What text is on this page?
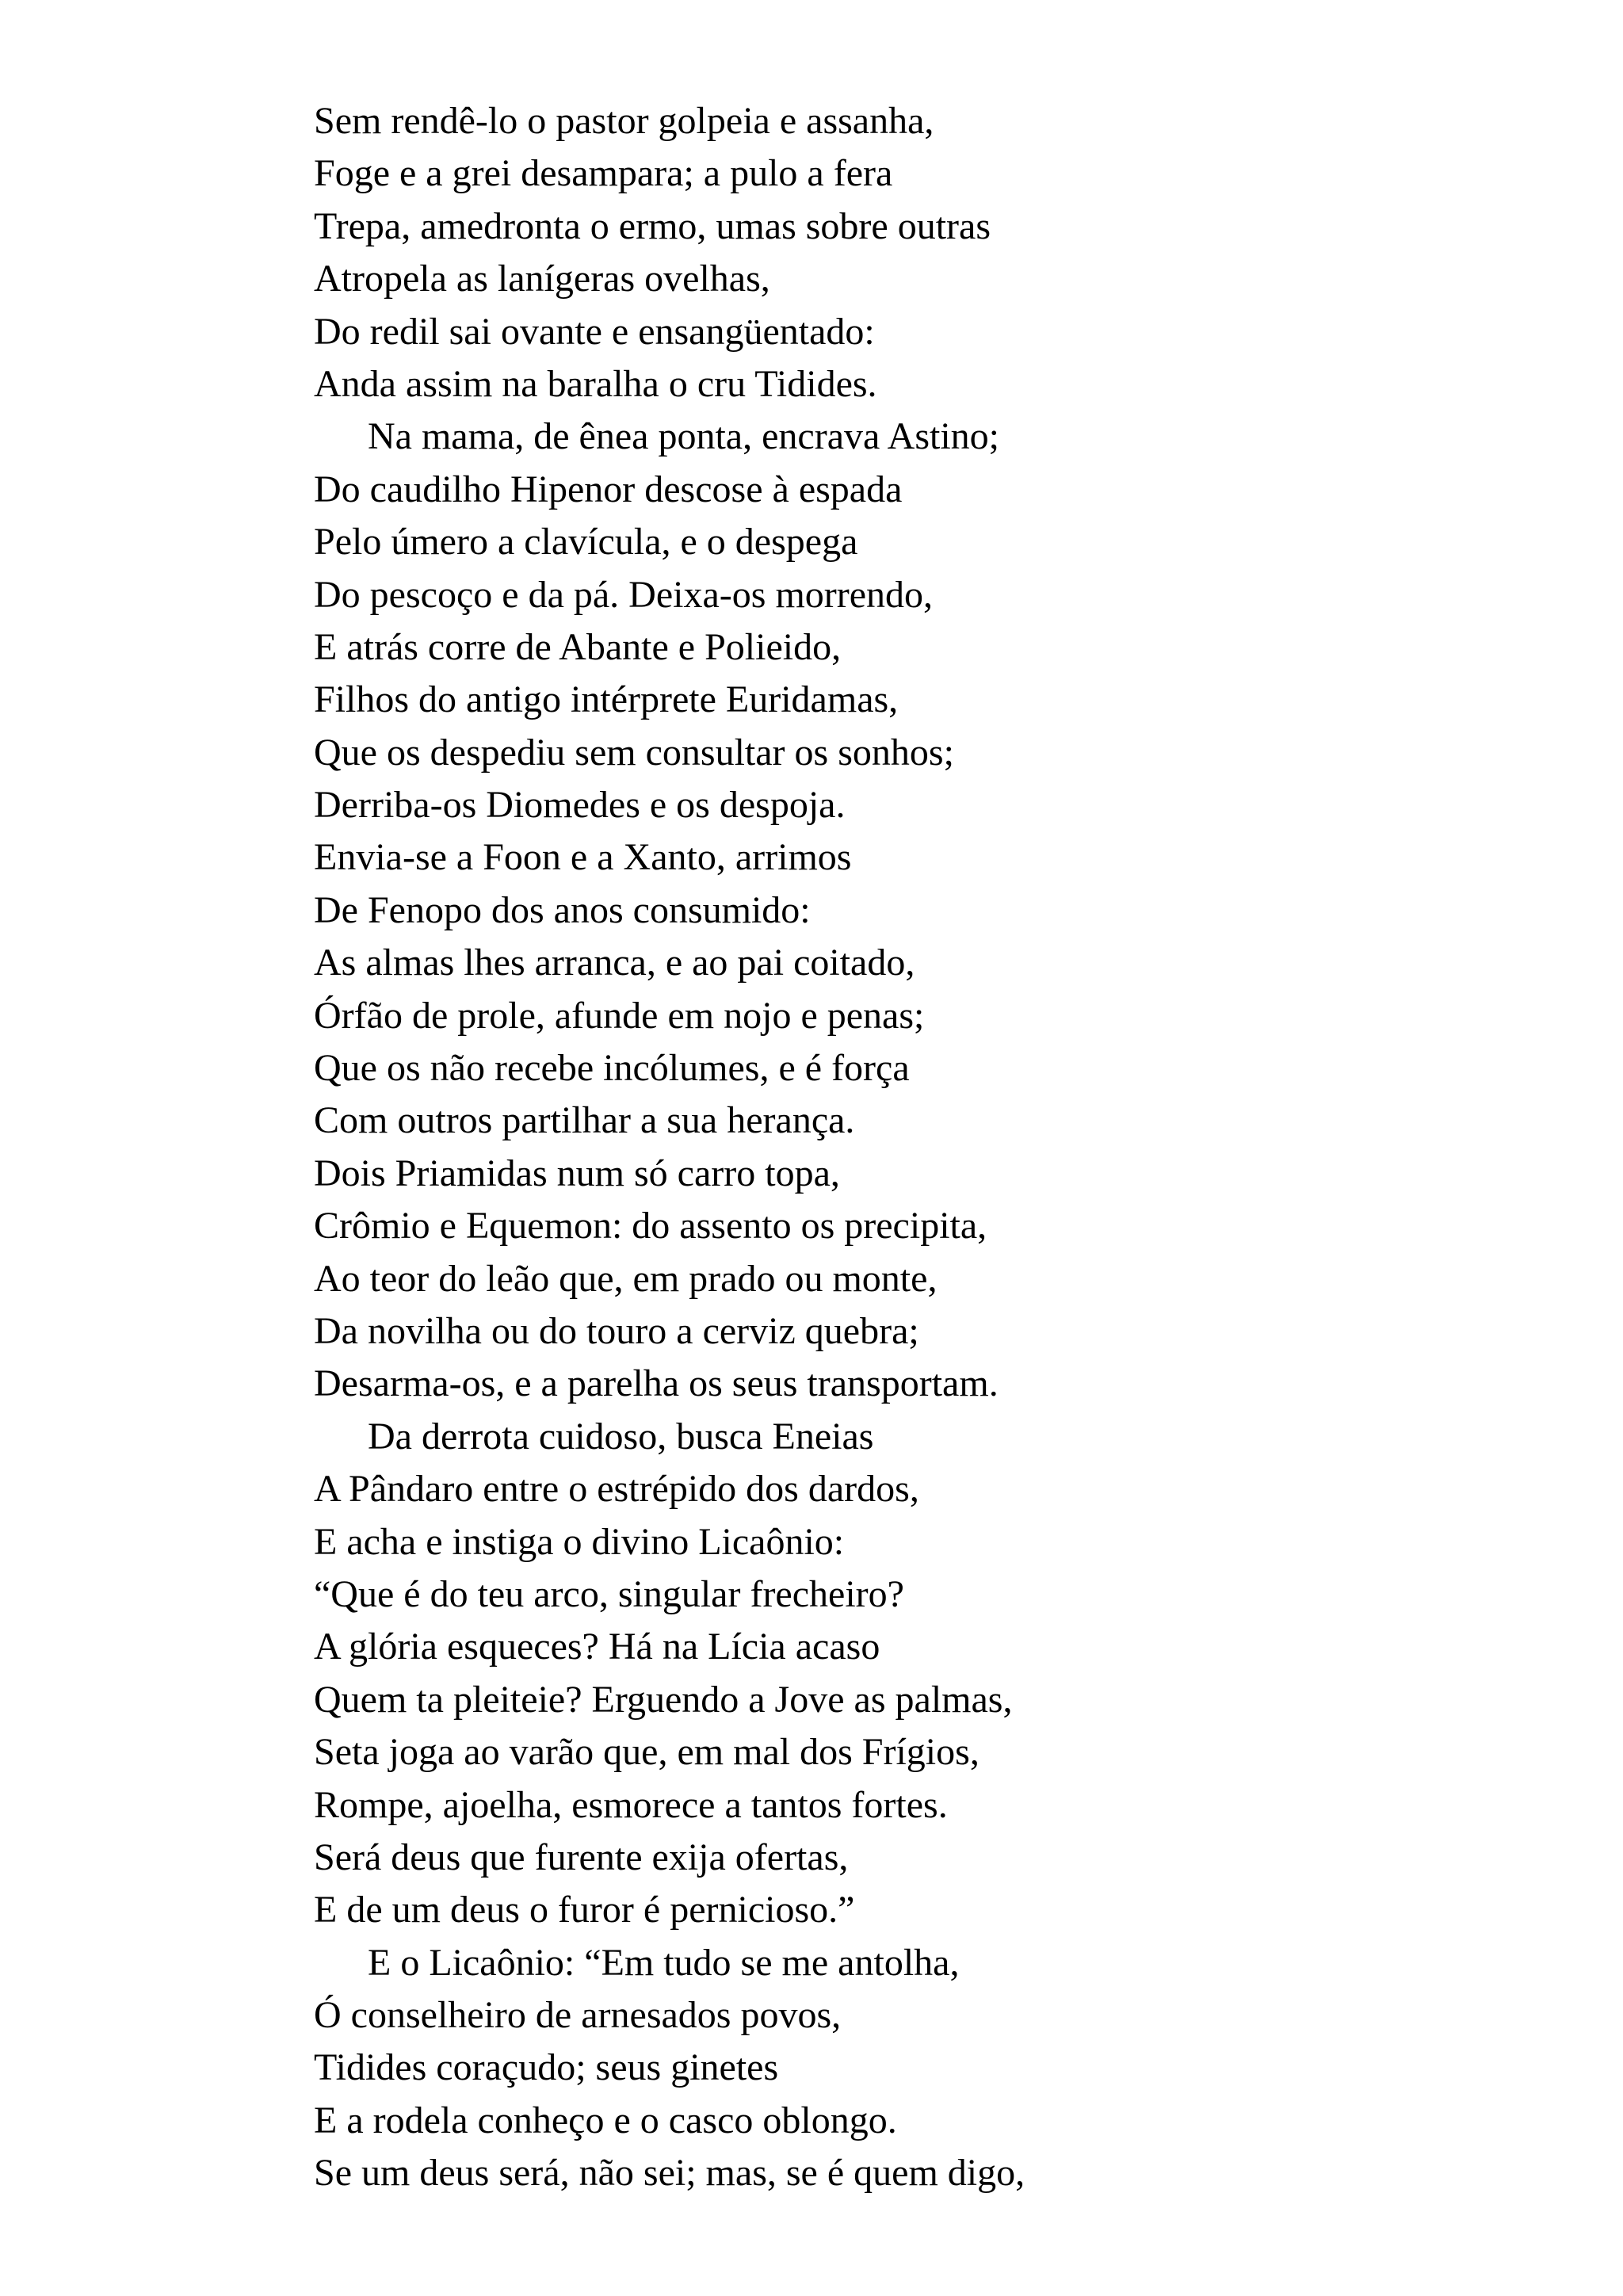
Sem rendê-lo o pastor golpeia e assanha,
Foge e a grei desampara; a pulo a fera
Trepa, amedronta o ermo, umas sobre outras
Atropela as lanígeras ovelhas,
Do redil sai ovante e ensangüentado:
Anda assim na baralha o cru Tidides.
Na mama, de ênea ponta, encrava Astino;
Do caudilho Hipenor descose à espada
Pelo úmero a clavícula, e o despega
Do pescoço e da pá. Deixa-os morrendo,
E atrás corre de Abante e Polieido,
Filhos do antigo intérprete Euridamas,
Que os despediu sem consultar os sonhos;
Derriba-os Diomedes e os despoja.
Envia-se a Foon e a Xanto, arrimos
De Fenopo dos anos consumido:
As almas lhes arranca, e ao pai coitado,
Órfão de prole, afunde em nojo e penas;
Que os não recebe incólumes, e é força
Com outros partilhar a sua herança.
Dois Priamidas num só carro topa,
Crômio e Equemon: do assento os precipita,
Ao teor do leão que, em prado ou monte,
Da novilha ou do touro a cerviz quebra;
Desarma-os, e a parelha os seus transportam.
Da derrota cuidoso, busca Eneias
A Pândaro entre o estrépido dos dardos,
E acha e instiga o divino Licaônio:
“Que é do teu arco, singular frecheiro?
A glória esqueces? Há na Lícia acaso
Quem ta pleiteie? Erguendo a Jove as palmas,
Seta joga ao varão que, em mal dos Frígios,
Rompe, ajoelha, esmorece a tantos fortes.
Será deus que furente exija ofertas,
E de um deus o furor é pernicioso.”
E o Licaônio: “Em tudo se me antolha,
Ó conselheiro de arnesados povos,
Tidides coraçudo; seus ginetes
E a rodela conheço e o casco oblongo.
Se um deus será, não sei; mas, se é quem digo,
